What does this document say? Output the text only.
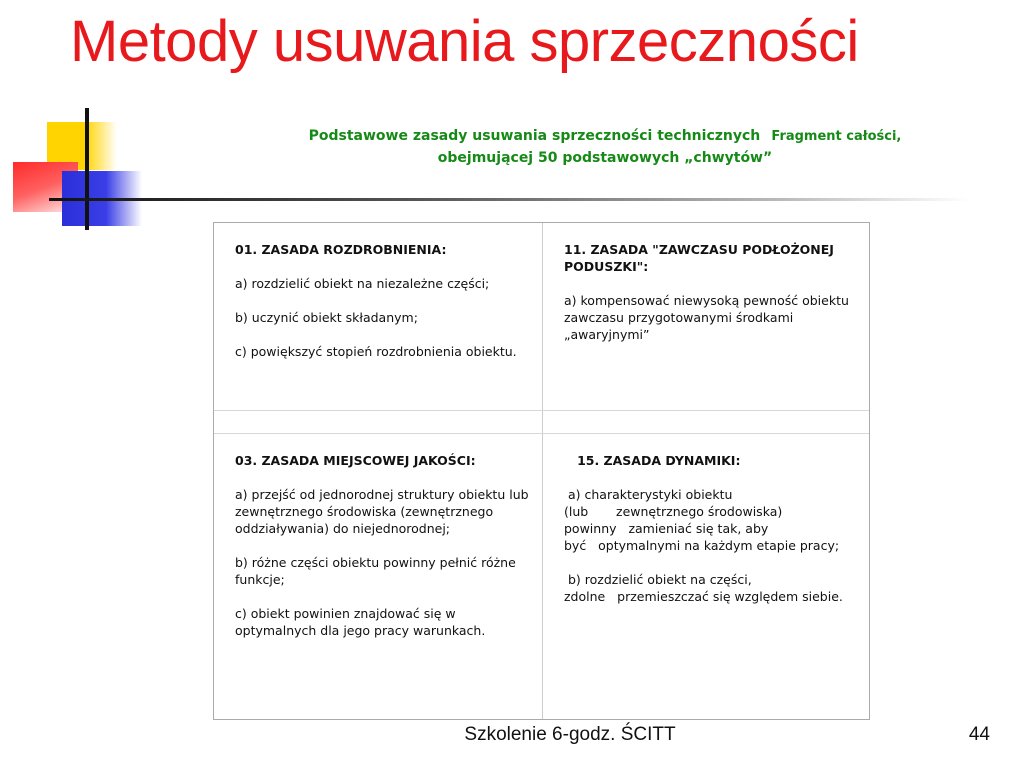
Metody usuwania sprzeczności
Podstawowe zasady usuwania sprzeczności technicznych Fragment całości,
obejmującej 50 podstawowych „chwytów”

01. ZASADA ROZDROBNIENIA:

a) rozdzielić obiekt na niezależne części;

b) uczynić obiekt składanym;

c) powiększyć stopień rozdrobnienia obiektu.

11. ZASADA "ZAWCZASU PODŁOŻONEJ PODUSZKI":

a) kompensować niewysoką pewność obiektu zawczasu przygotowanymi środkami „awaryjnymi”

03. ZASADA MIEJSCOWEJ JAKOŚCI:

a) przejść od jednorodnej struktury obiektu lub zewnętrznego środowiska (zewnętrznego oddziaływania) do niejednorodnej;

b) różne części obiektu powinny pełnić różne funkcje;

c) obiekt powinien znajdować się w optymalnych dla jego pracy warunkach.

15. ZASADA DYNAMIKI:

a) charakterystyki obiektu
(lub       zewnętrznego środowiska)
powinny   zamieniać się tak, aby
być   optymalnymi na każdym etapie pracy;

b) rozdzielić obiekt na części,
zdolne   przemieszczać się względem siebie.

Szkolenie 6-godz. ŚCITT	44
